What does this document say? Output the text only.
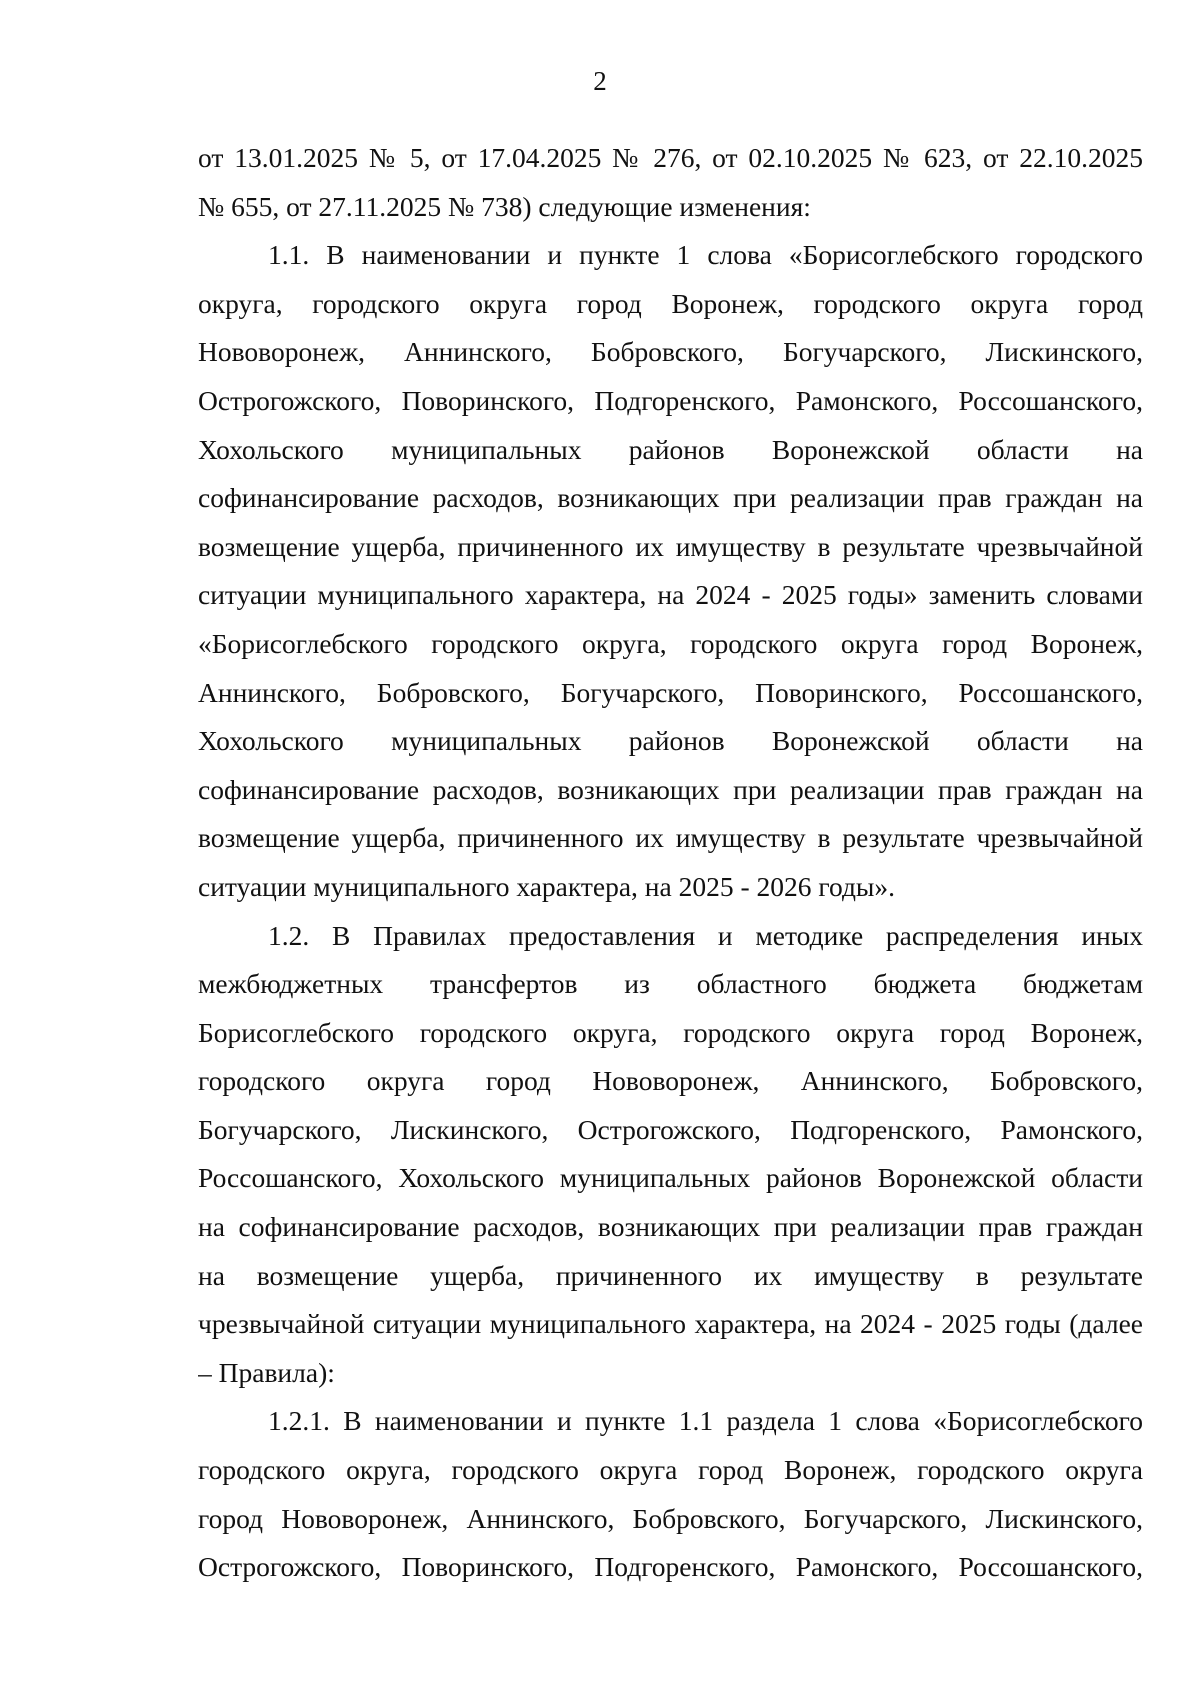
2

от 13.01.2025 № 5, от 17.04.2025 № 276, от 02.10.2025 № 623, от 22.10.2025
№ 655, от 27.11.2025 № 738) следующие изменения:

1.1. В наименовании и пункте 1 слова «Борисоглебского городского
округа, городского округа город Воронеж, городского округа город
Нововоронеж, Аннинского, Бобровского, Богучарского, Лискинского,
Острогожского, Поворинского, Подгоренского, Рамонского, Россошанского,
Хохольского муниципальных районов Воронежской области на
софинансирование расходов, возникающих при реализации прав граждан на
возмещение ущерба, причиненного их имуществу в результате чрезвычайной
ситуации муниципального характера, на 2024 - 2025 годы» заменить словами
«Борисоглебского городского округа, городского округа город Воронеж,
Аннинского, Бобровского, Богучарского, Поворинского, Россошанского,
Хохольского муниципальных районов Воронежской области на
софинансирование расходов, возникающих при реализации прав граждан на
возмещение ущерба, причиненного их имуществу в результате чрезвычайной
ситуации муниципального характера, на 2025 - 2026 годы».

1.2. В Правилах предоставления и методике распределения иных
межбюджетных трансфертов из областного бюджета бюджетам
Борисоглебского городского округа, городского округа город Воронеж,
городского округа город Нововоронеж, Аннинского, Бобровского,
Богучарского, Лискинского, Острогожского, Подгоренского, Рамонского,
Россошанского, Хохольского муниципальных районов Воронежской области
на софинансирование расходов, возникающих при реализации прав граждан
на возмещение ущерба, причиненного их имуществу в результате
чрезвычайной ситуации муниципального характера, на 2024 - 2025 годы (далее
– Правила):

1.2.1. В наименовании и пункте 1.1 раздела 1 слова «Борисоглебского
городского округа, городского округа город Воронеж, городского округа
город Нововоронеж, Аннинского, Бобровского, Богучарского, Лискинского,
Острогожского, Поворинского, Подгоренского, Рамонского, Россошанского,
